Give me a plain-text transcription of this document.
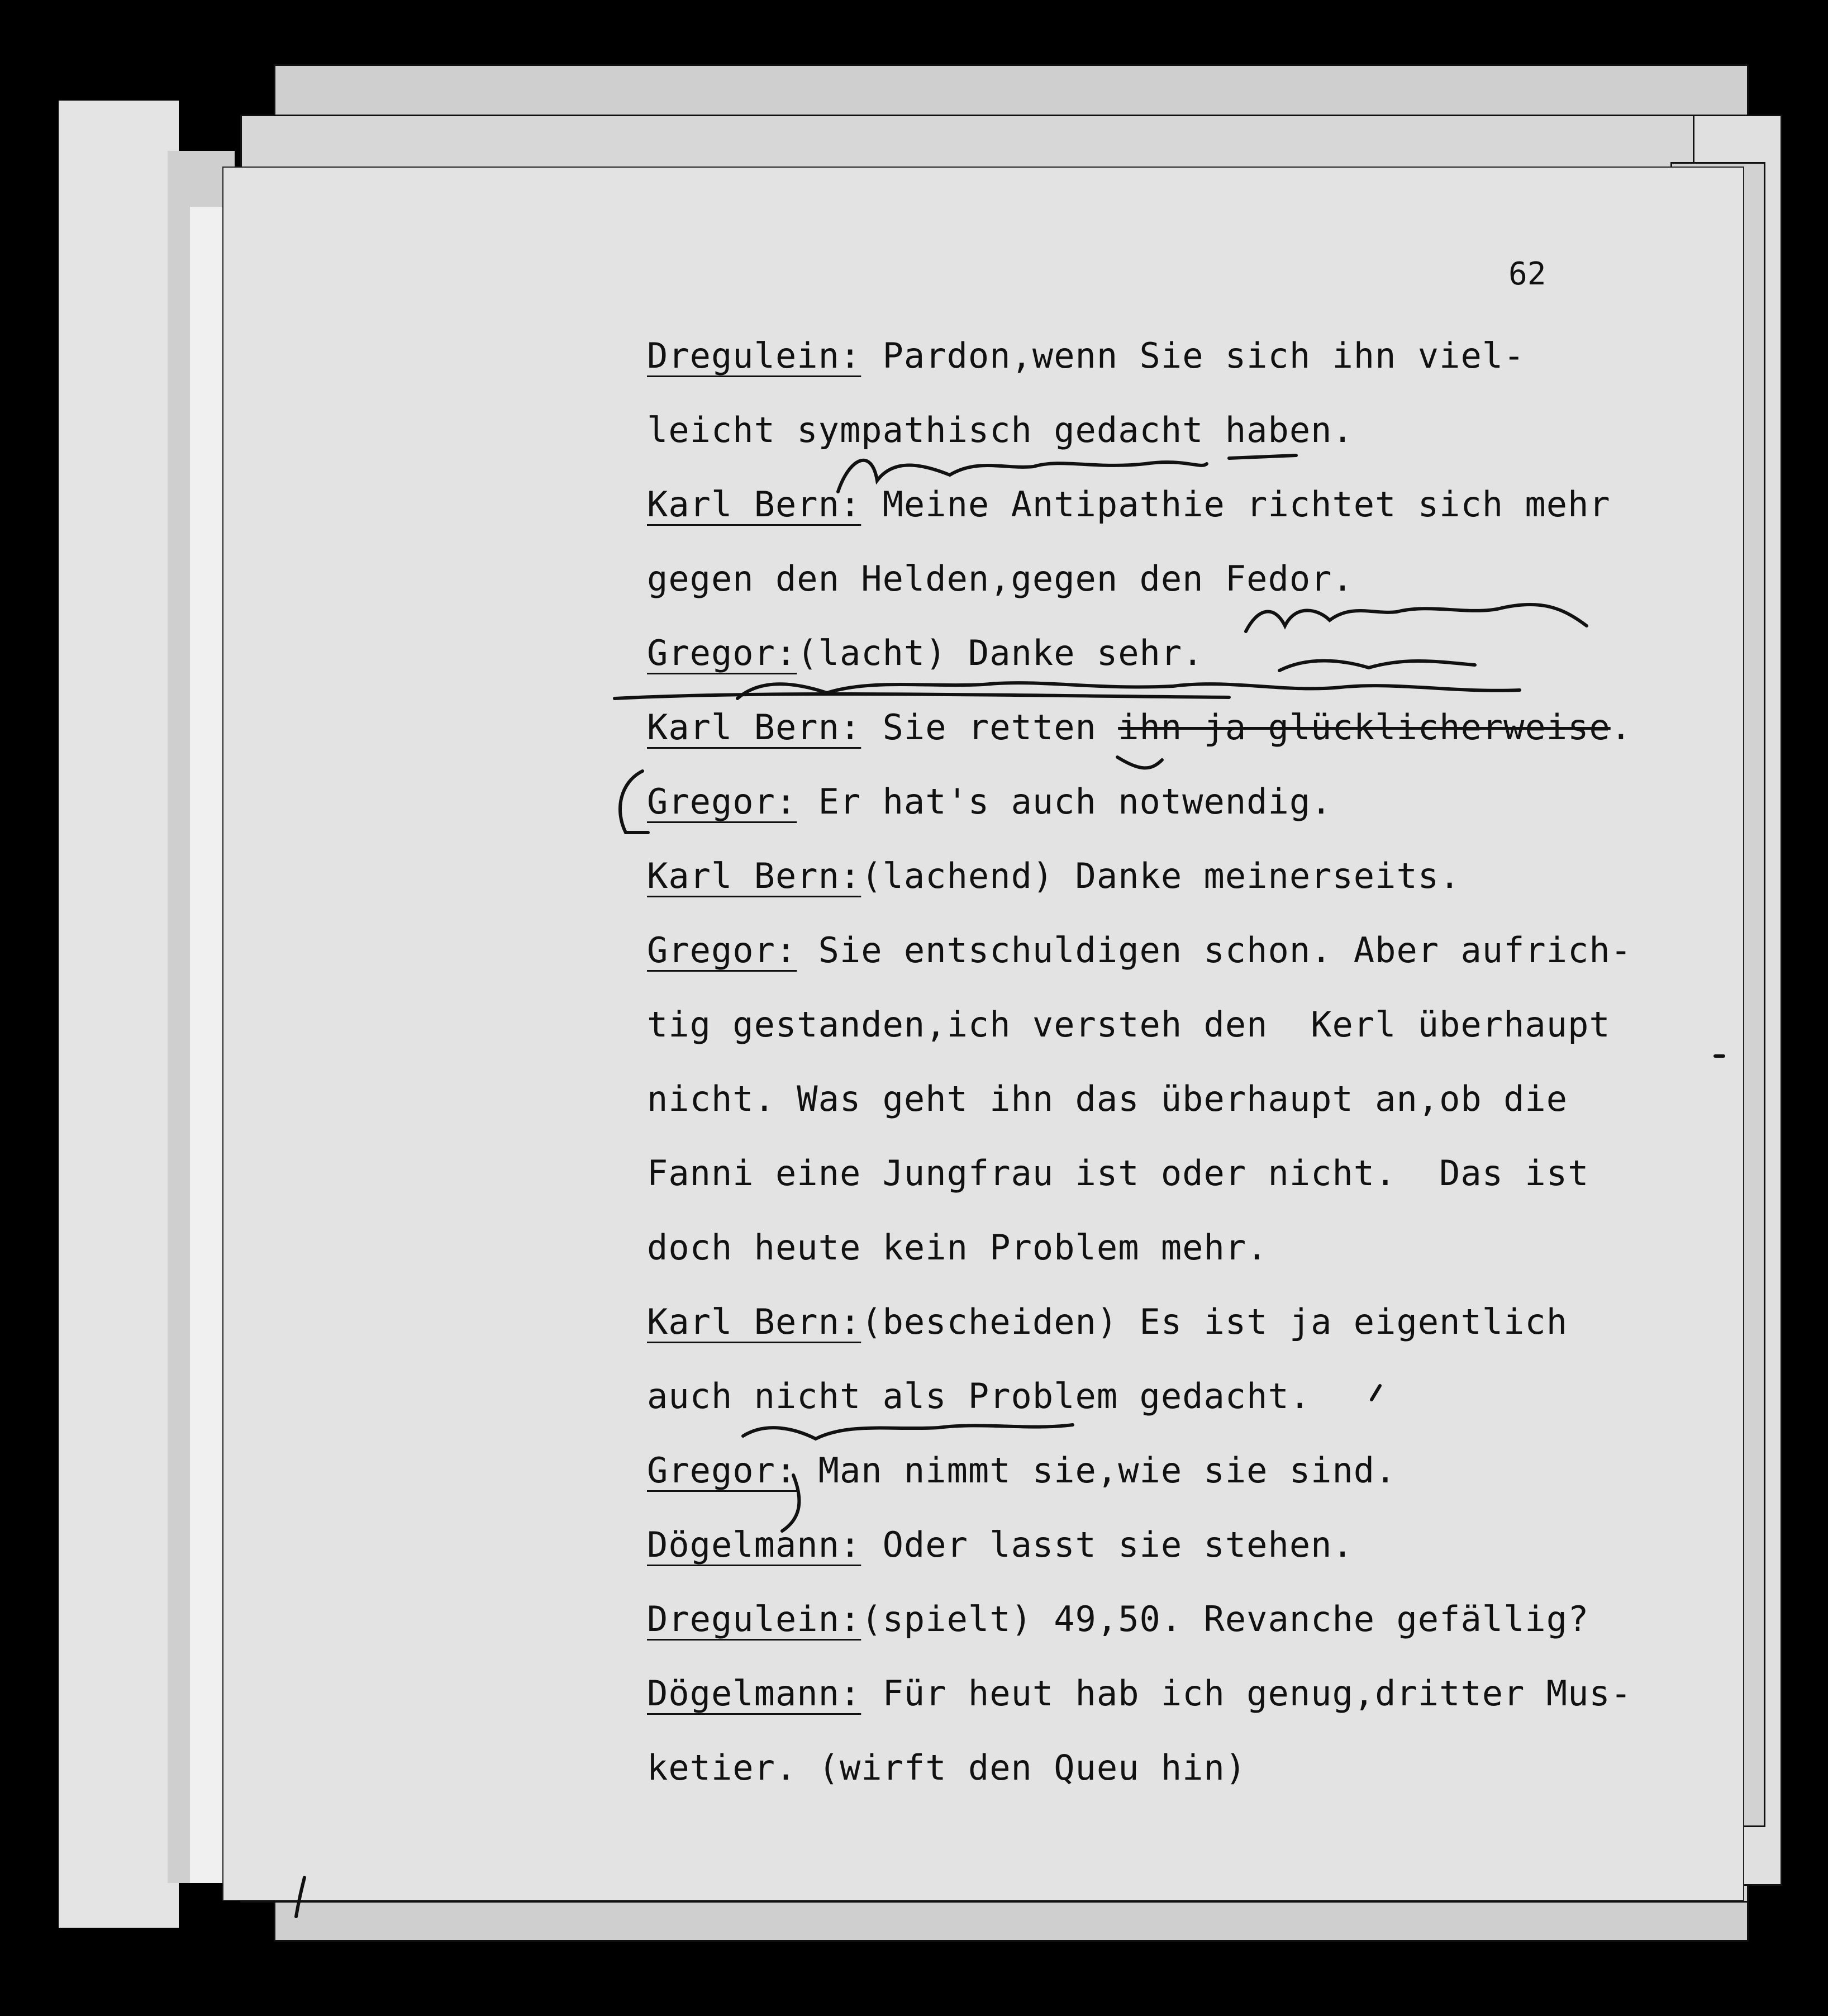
62
Dregulein: Pardon,wenn Sie sich ihn viel-
leicht sympathisch gedacht haben.
Karl Bern: Meine Antipathie richtet sich mehr
gegen den Helden,gegen den Fedor.
Gregor:(lacht) Danke sehr.
Karl Bern: Sie retten ihn ja glücklicherweise.
Gregor: Er hat's auch notwendig.
Karl Bern:(lachend) Danke meinerseits.
Gregor: Sie entschuldigen schon. Aber aufrich-
tig gestanden,ich versteh den  Kerl überhaupt
nicht. Was geht ihn das überhaupt an,ob die
Fanni eine Jungfrau ist oder nicht.  Das ist
doch heute kein Problem mehr.
Karl Bern:(bescheiden) Es ist ja eigentlich
auch nicht als Problem gedacht.
Gregor: Man nimmt sie,wie sie sind.
Dögelmann: Oder lasst sie stehen.
Dregulein:(spielt) 49,50. Revanche gefällig?
Dögelmann: Für heut hab ich genug,dritter Mus-
ketier. (wirft den Queu hin)
